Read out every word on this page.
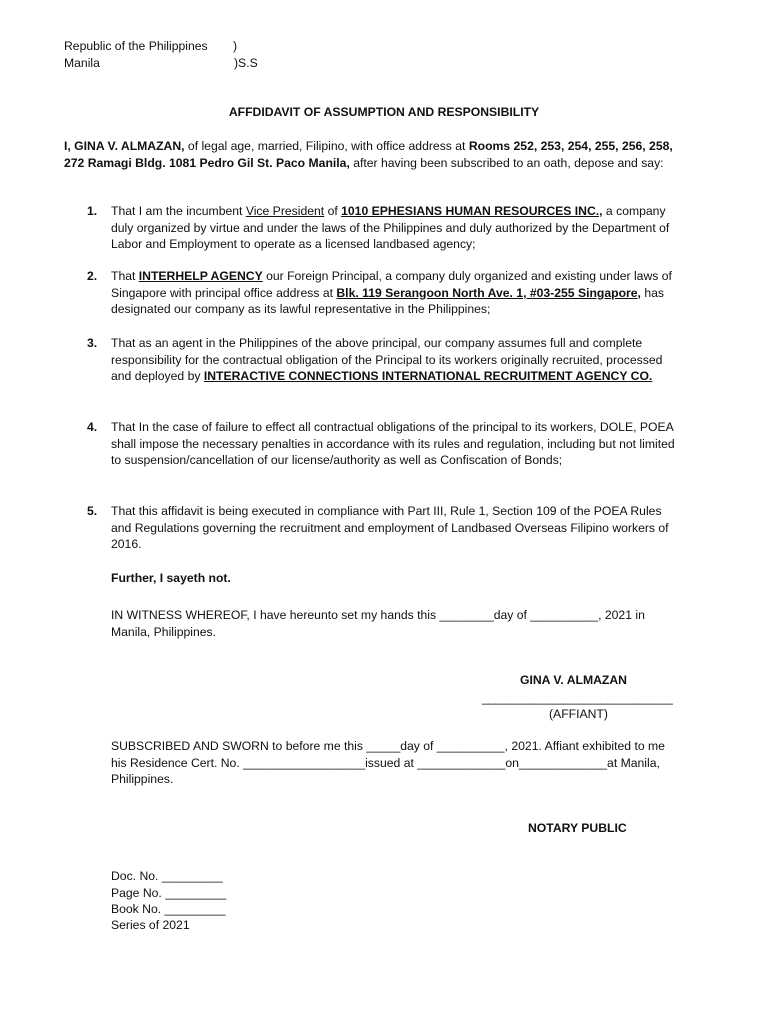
Republic of the Philippines )
Manila	)S.S
AFFDIDAVIT OF ASSUMPTION AND RESPONSIBILITY
I, GINA V. ALMAZAN, of legal age, married, Filipino, with office address at Rooms 252, 253, 254, 255, 256, 258, 272 Ramagi Bldg. 1081 Pedro Gil St. Paco Manila, after having been subscribed to an oath, depose and say:
1. That I am the incumbent Vice President of 1010 EPHESIANS HUMAN RESOURCES INC., a company duly organized by virtue and under the laws of the Philippines and duly authorized by the Department of Labor and Employment to operate as a licensed landbased agency;
2. That INTERHELP AGENCY our Foreign Principal, a company duly organized and existing under laws of Singapore with principal office address at Blk. 119 Serangoon North Ave. 1, #03-255 Singapore, has designated our company as its lawful representative in the Philippines;
3. That as an agent in the Philippines of the above principal, our company assumes full and complete responsibility for the contractual obligation of the Principal to its workers originally recruited, processed and deployed by INTERACTIVE CONNECTIONS INTERNATIONAL RECRUITMENT AGENCY CO.
4. That In the case of failure to effect all contractual obligations of the principal to its workers, DOLE, POEA shall impose the necessary penalties in accordance with its rules and regulation, including but not limited to suspension/cancellation of our license/authority as well as Confiscation of Bonds;
5. That this affidavit is being executed in compliance with Part III, Rule 1, Section 109 of the POEA Rules and Regulations governing the recruitment and employment of Landbased Overseas Filipino workers of 2016.
Further, I sayeth not.
IN WITNESS WHEREOF, I have hereunto set my hands this ________day of __________, 2021 in Manila, Philippines.
GINA V. ALMAZAN
_____________________________
(AFFIANT)
SUBSCRIBED AND SWORN to before me this _____day of __________, 2021. Affiant exhibited to me his Residence Cert. No. __________________issued at _____________on_____________at Manila, Philippines.
NOTARY PUBLIC
Doc. No. _________
Page No. _________
Book No. _________
Series of 2021
